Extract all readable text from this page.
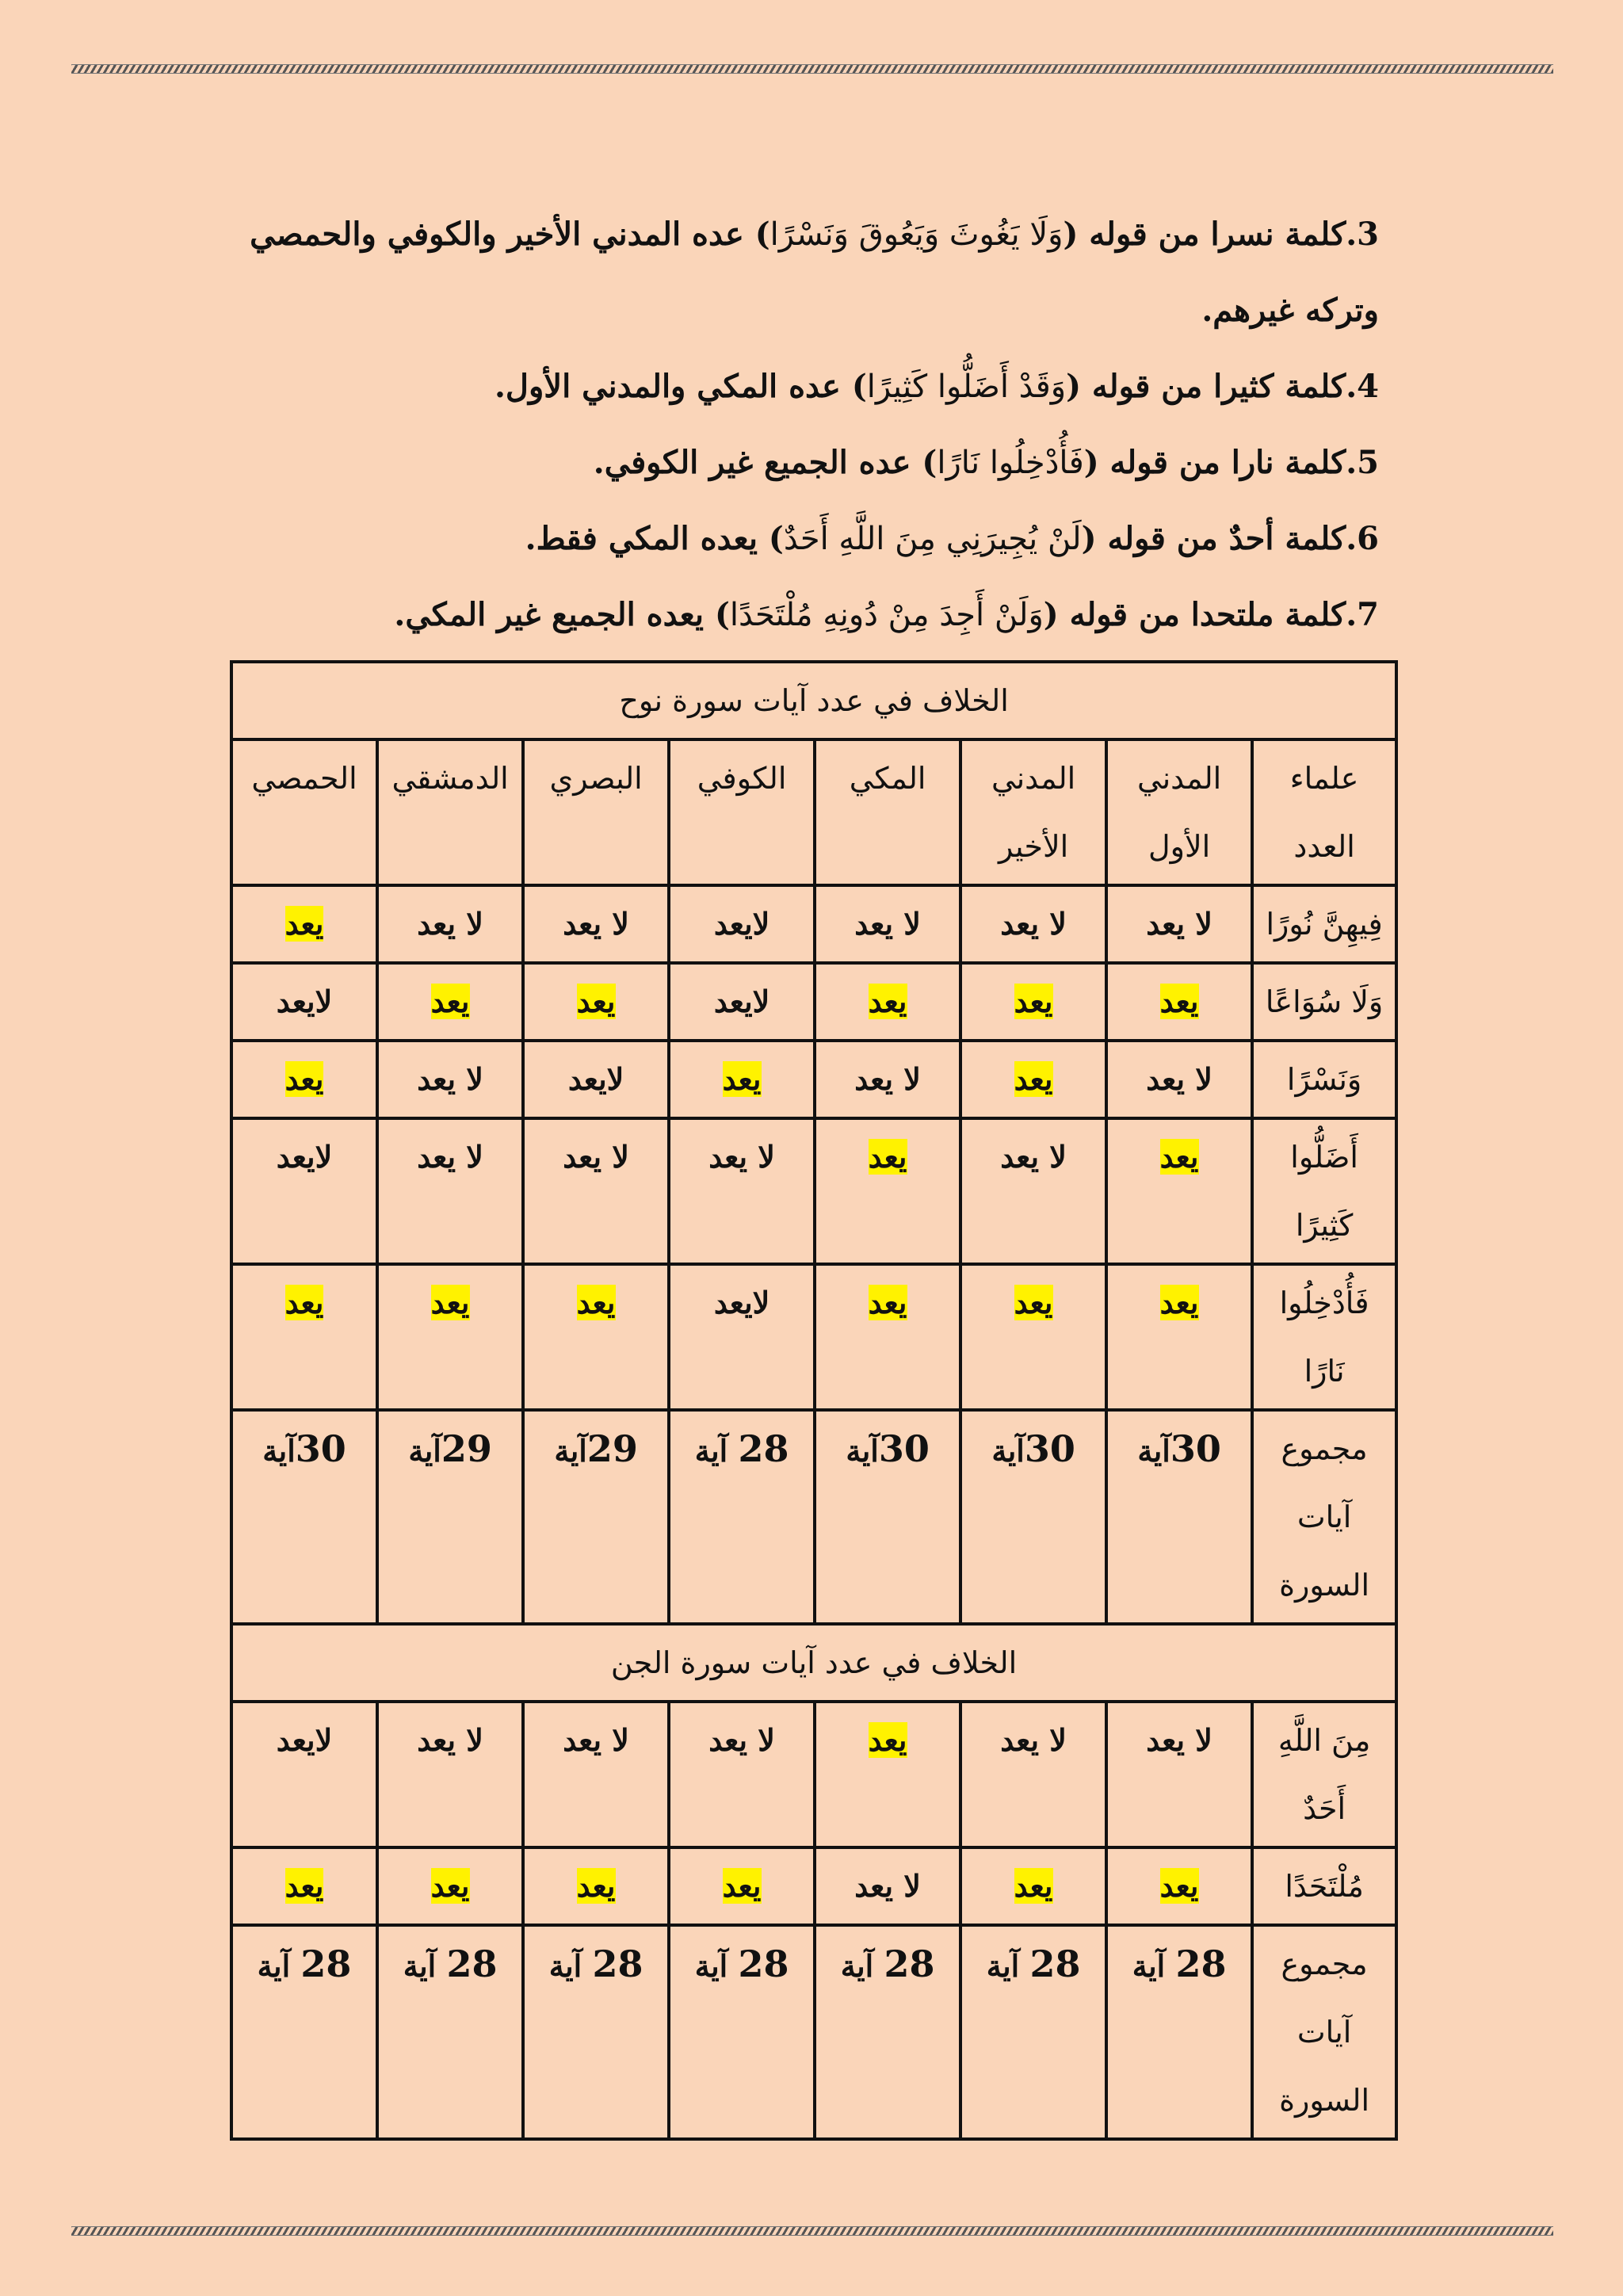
3.كلمة نسرا من قوله (وَلَا يَغُوثَ وَيَعُوقَ وَنَسْرًا) عده المدني الأخير والكوفي والحمصي وتركه غيرهم.

4.كلمة كثيرا من قوله (وَقَدْ أَضَلُّوا كَثِيرًا) عده المكي والمدني الأول.

5.كلمة نارا من قوله (فَأُدْخِلُوا نَارًا) عده الجميع غير الكوفي.

6.كلمة أحدٌ من قوله (لَنْ يُجِيرَنِي مِنَ اللَّهِ أَحَدٌ) يعده المكي فقط.

7.كلمة ملتحدا من قوله (وَلَنْ أَجِدَ مِنْ دُونِهِ مُلْتَحَدًا) يعده الجميع غير المكي.

الخلاف في عدد آيات سورة نوح							
علماء العدد	المدني الأول	المدني الأخير	المكي	الكوفي	البصري	الدمشقي	الحمصي
فِيهِنَّ نُورًا	لا يعد	لا يعد	لا يعد	لايعد	لا يعد	لا يعد	يعد
وَلَا سُوَاعًا	يعد	يعد	يعد	لايعد	يعد	يعد	لايعد
وَنَسْرًا	لا يعد	يعد	لا يعد	يعد	لايعد	لا يعد	يعد
أَضَلُّوا كَثِيرًا	يعد	لا يعد	يعد	لا يعد	لا يعد	لا يعد	لايعد
فَأُدْخِلُوا نَارًا	يعد	يعد	يعد	لايعد	يعد	يعد	يعد
مجموع آيات السورة	30آية	30آية	30آية	28 آية	29آية	29آية	30آية
الخلاف في عدد آيات سورة الجن							
مِنَ اللَّهِ أَحَدٌ	لا يعد	لا يعد	يعد	لا يعد	لا يعد	لا يعد	لايعد
مُلْتَحَدًا	يعد	يعد	لا يعد	يعد	يعد	يعد	يعد
مجموع آيات السورة	28 آية	28 آية	28 آية	28 آية	28 آية	28 آية	28 آية
